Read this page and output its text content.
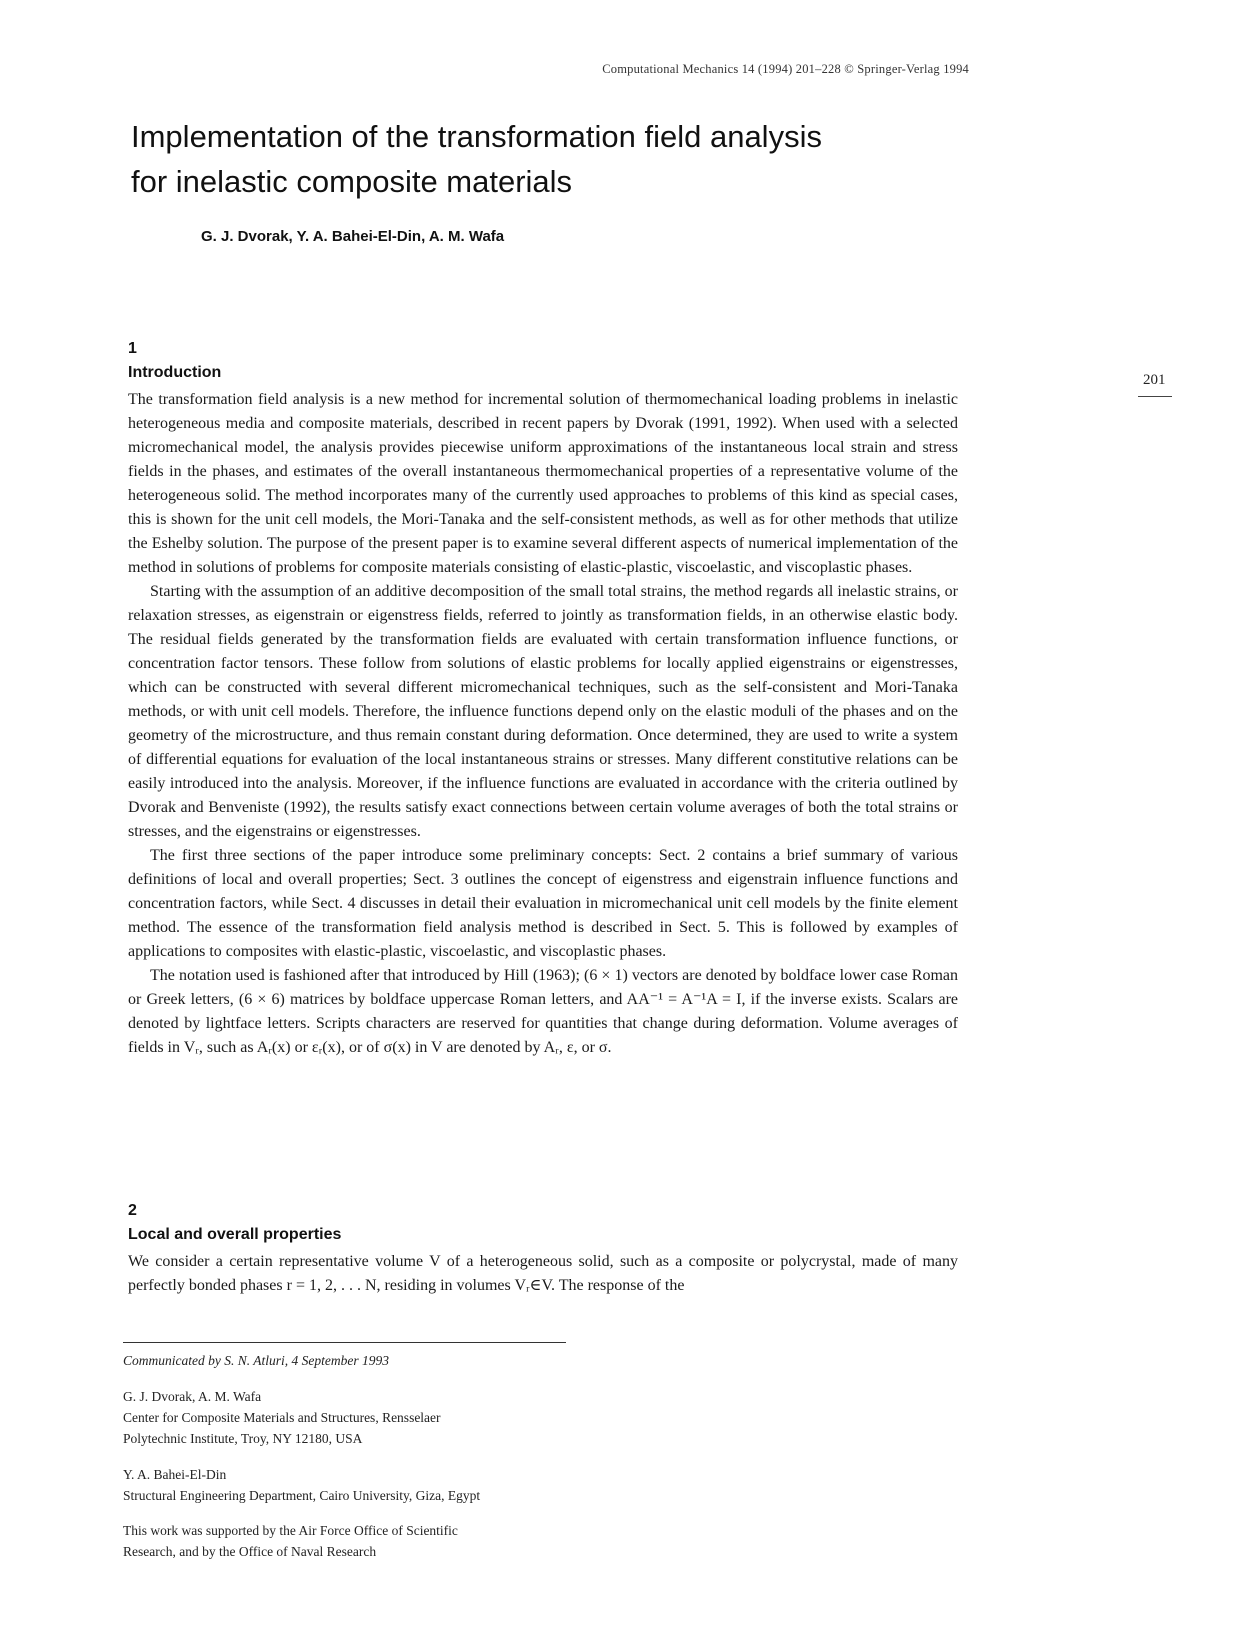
Computational Mechanics 14 (1994) 201–228 © Springer-Verlag 1994
Implementation of the transformation field analysis
for inelastic composite materials
G. J. Dvorak, Y. A. Bahei-El-Din, A. M. Wafa
201
1
Introduction

The transformation field analysis is a new method for incremental solution of thermomechanical loading problems in inelastic heterogeneous media and composite materials, described in recent papers by Dvorak (1991, 1992). When used with a selected micromechanical model, the analysis provides piecewise uniform approximations of the instantaneous local strain and stress fields in the phases, and estimates of the overall instantaneous thermomechanical properties of a representative volume of the heterogeneous solid. The method incorporates many of the currently used approaches to problems of this kind as special cases, this is shown for the unit cell models, the Mori-Tanaka and the self-consistent methods, as well as for other methods that utilize the Eshelby solution. The purpose of the present paper is to examine several different aspects of numerical implementation of the method in solutions of problems for composite materials consisting of elastic-plastic, viscoelastic, and viscoplastic phases.

Starting with the assumption of an additive decomposition of the small total strains, the method regards all inelastic strains, or relaxation stresses, as eigenstrain or eigenstress fields, referred to jointly as transformation fields, in an otherwise elastic body. The residual fields generated by the transformation fields are evaluated with certain transformation influence functions, or concentration factor tensors. These follow from solutions of elastic problems for locally applied eigenstrains or eigenstresses, which can be constructed with several different micromechanical techniques, such as the self-consistent and Mori-Tanaka methods, or with unit cell models. Therefore, the influence functions depend only on the elastic moduli of the phases and on the geometry of the microstructure, and thus remain constant during deformation. Once determined, they are used to write a system of differential equations for evaluation of the local instantaneous strains or stresses. Many different constitutive relations can be easily introduced into the analysis. Moreover, if the influence functions are evaluated in accordance with the criteria outlined by Dvorak and Benveniste (1992), the results satisfy exact connections between certain volume averages of both the total strains or stresses, and the eigenstrains or eigenstresses.

The first three sections of the paper introduce some preliminary concepts: Sect. 2 contains a brief summary of various definitions of local and overall properties; Sect. 3 outlines the concept of eigenstress and eigenstrain influence functions and concentration factors, while Sect. 4 discusses in detail their evaluation in micromechanical unit cell models by the finite element method. The essence of the transformation field analysis method is described in Sect. 5. This is followed by examples of applications to composites with elastic-plastic, viscoelastic, and viscoplastic phases.

The notation used is fashioned after that introduced by Hill (1963); (6 × 1) vectors are denoted by boldface lower case Roman or Greek letters, (6 × 6) matrices by boldface uppercase Roman letters, and AA⁻¹ = A⁻¹A = I, if the inverse exists. Scalars are denoted by lightface letters. Scripts characters are reserved for quantities that change during deformation. Volume averages of fields in Vᵣ, such as Aᵣ(x) or εᵣ(x), or of σ(x) in V are denoted by Aᵣ, ε, or σ.

2
Local and overall properties

We consider a certain representative volume V of a heterogeneous solid, such as a composite or polycrystal, made of many perfectly bonded phases r = 1, 2, . . . N, residing in volumes Vᵣ∈V. The response of the

Communicated by S. N. Atluri, 4 September 1993
G. J. Dvorak, A. M. Wafa
Center for Composite Materials and Structures, Rensselaer
Polytechnic Institute, Troy, NY 12180, USA
Y. A. Bahei-El-Din
Structural Engineering Department, Cairo University, Giza, Egypt
This work was supported by the Air Force Office of Scientific
Research, and by the Office of Naval Research
